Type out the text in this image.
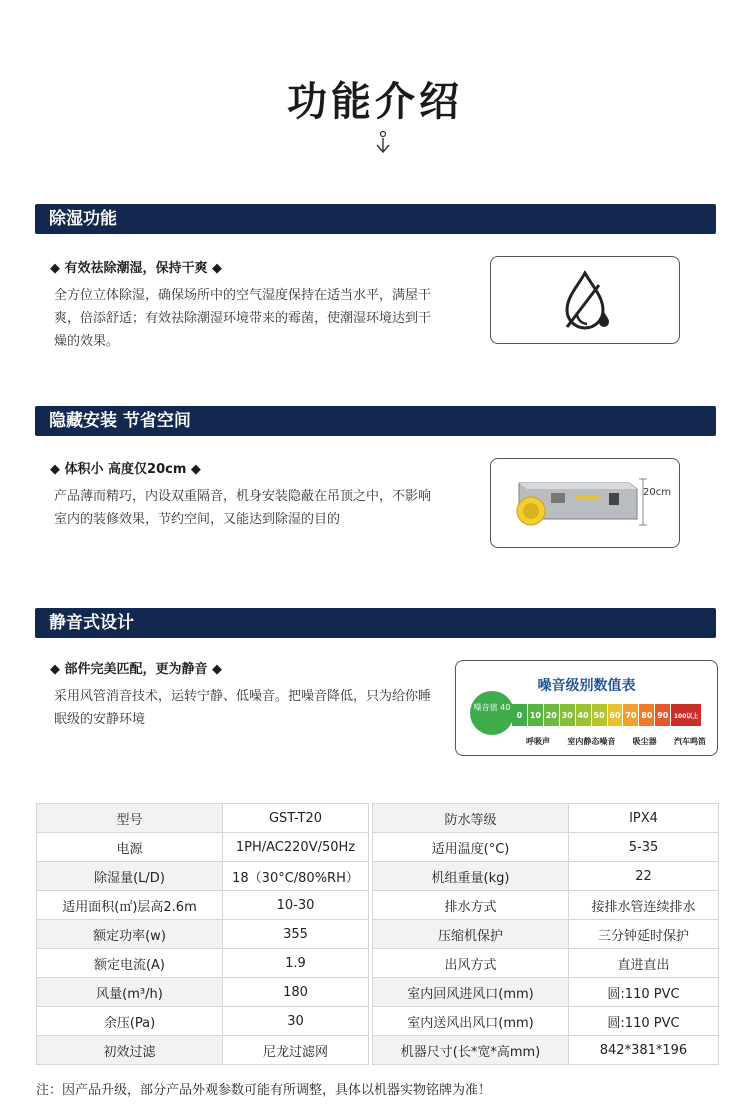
功能介绍
除湿功能
◆ 有效祛除潮湿，保持干爽 ◆
全方位立体除湿，确保场所中的空气湿度保持在适当水平，满屋干爽，倍添舒适；有效祛除潮湿环境带来的霉菌，使潮湿环境达到干燥的效果。
隐藏安装 节省空间
◆ 体积小 高度仅20cm ◆
产品薄而精巧，内设双重隔音，机身安装隐蔽在吊顶之中，不影响室内的装修效果，节约空间，又能达到除湿的目的
20cm
静音式设计
◆ 部件完美匹配，更为静音 ◆
采用风管消音技术，运转宁静、低噪音。把噪音降低，只为给你睡眠级的安静环境
噪音级别数值表
噪音值 40
0 10 20 30 40 50 60 70 80 90 100以上
呼吸声 室内静态噪音 吸尘器 汽车鸣笛
型号	GST-T20		防水等级	IPX4
电源	1PH/AC220V/50Hz		适用温度(°C)	5-35
除湿量(L/D)	18（30°C/80%RH）		机组重量(kg)	22
适用面积(㎡)层高2.6m	10-30		排水方式	接排水管连续排水
额定功率(w)	355		压缩机保护	三分钟延时保护
额定电流(A)	1.9		出风方式	直进直出
风量(m³/h)	180		室内回风进风口(mm)	圆:110 PVC
余压(Pa)	30		室内送风出风口(mm)	圆:110 PVC
初效过滤	尼龙过滤网		机器尺寸(长*宽*高mm)	842*381*196
注：因产品升级，部分产品外观参数可能有所调整，具体以机器实物铭牌为准！
